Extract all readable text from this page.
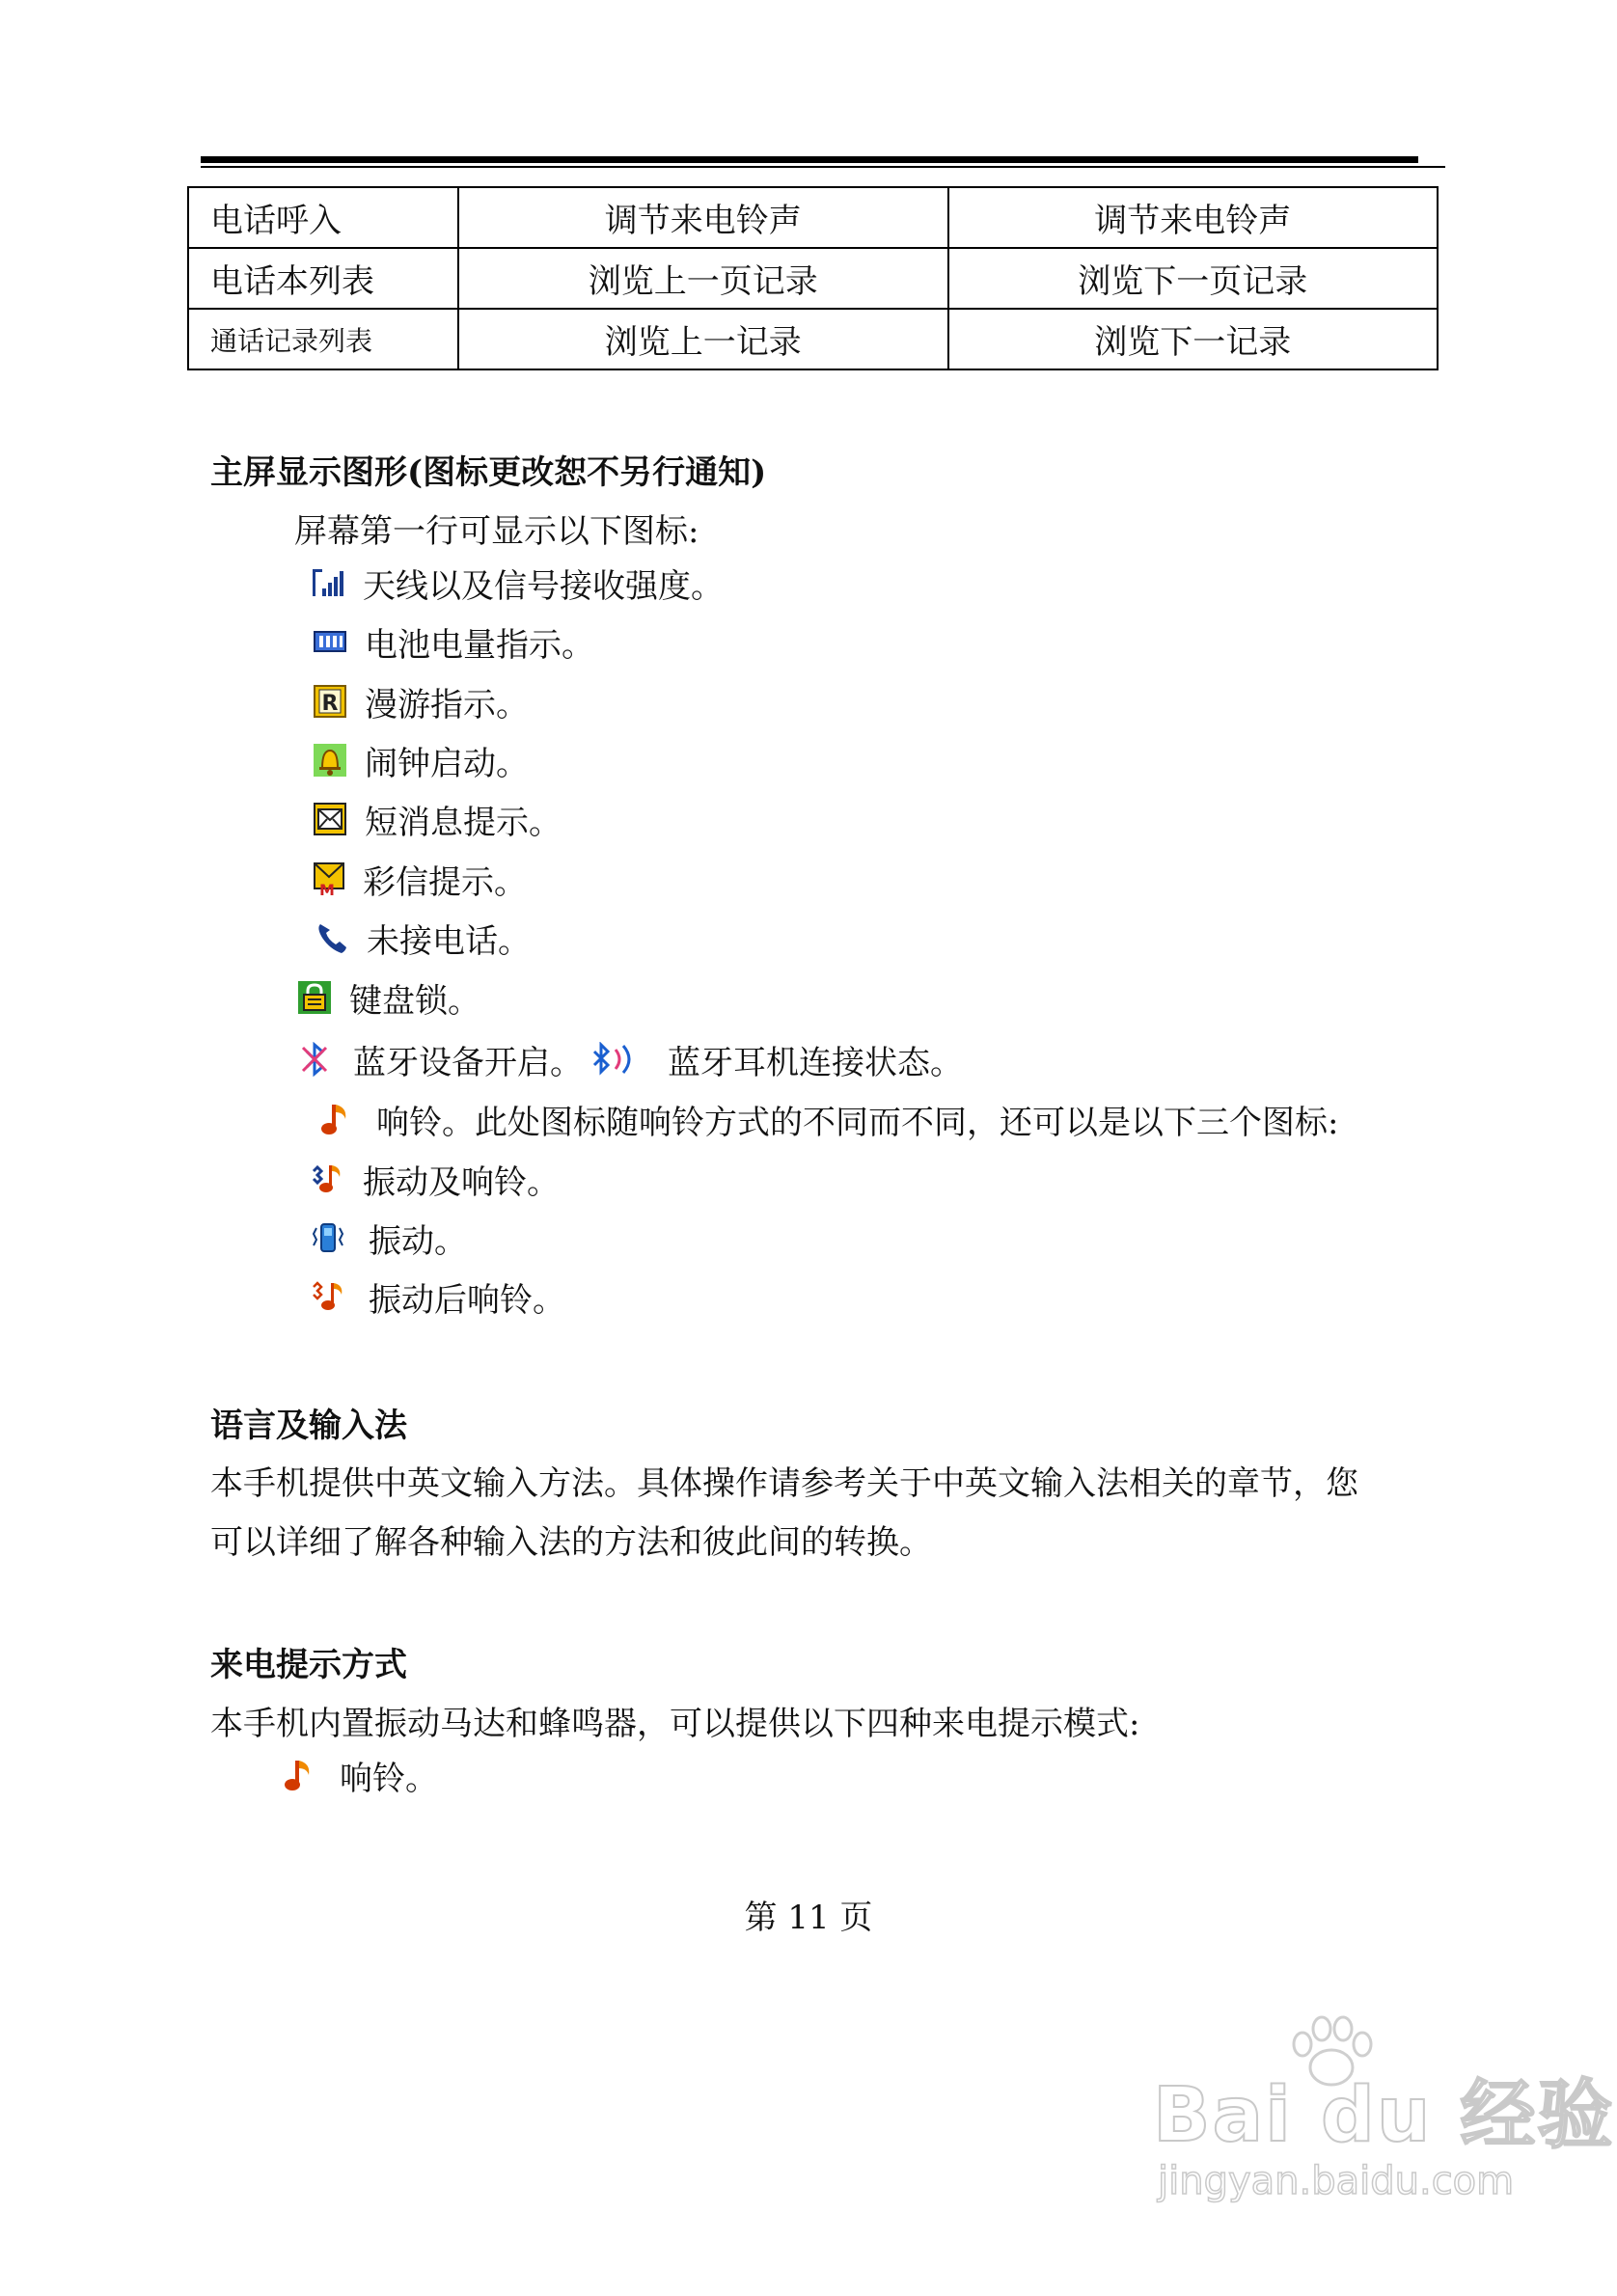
电话呼入	调节来电铃声	调节来电铃声
电话本列表	浏览上一页记录	浏览下一页记录
通话记录列表	浏览上一记录	浏览下一记录
主屏显示图形(图标更改恕不另行通知)
屏幕第一行可显示以下图标:
天线以及信号接收强度。
电池电量指示。
R 漫游指示。
闹钟启动。
短消息提示。
M 彩信提示。
未接电话。
键盘锁。
蓝牙设备开启。	蓝牙耳机连接状态。
响铃。此处图标随响铃方式的不同而不同，还可以是以下三个图标:
振动及响铃。
振动。
振动后响铃。
语言及输入法
本手机提供中英文输入方法。具体操作请参考关于中英文输入法相关的章节，您
可以详细了解各种输入法的方法和彼此间的转换。
来电提示方式
本手机内置振动马达和蜂鸣器，可以提供以下四种来电提示模式:
响铃。
第 11 页
Bai du 经验
jingyan.baidu.com
